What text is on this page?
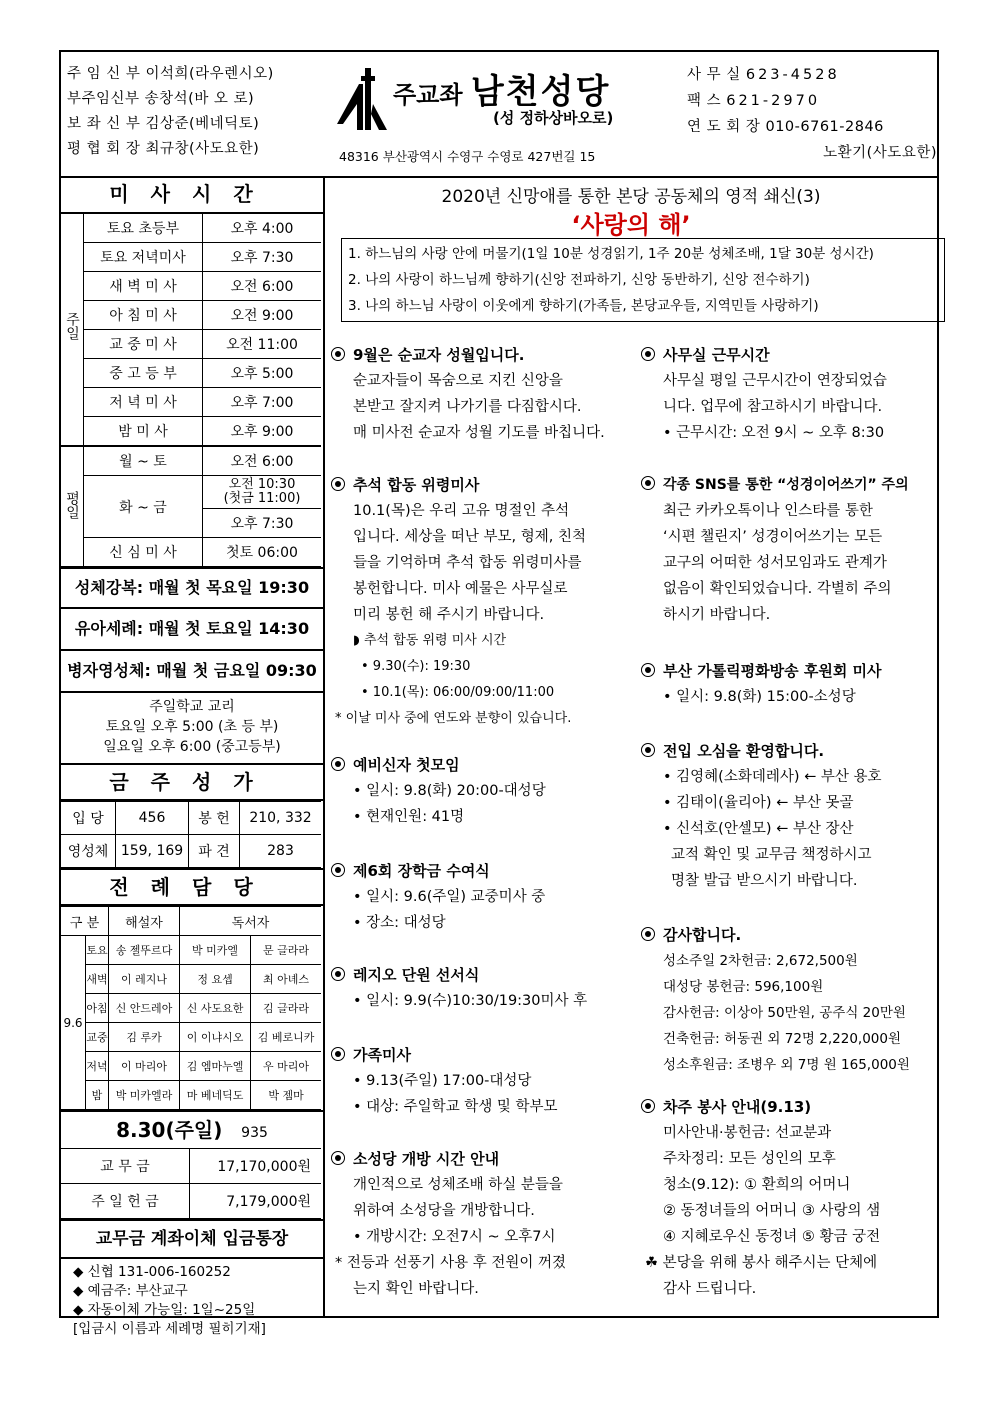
주 임 신 부 이석희(라우렌시오)
부주임신부 송창석(바 오 로)
보 좌 신 부 김상준(베네딕토)
평 협 회 장 최규창(사도요한)
주교좌 남천성당
(성 정하상바오로)
48316 부산광역시 수영구 수영로 427번길 15
사 무 실 623-4528
팩 스 621-2970
연 도 회 장 010-6761-2846
노환기(사도요한)
미사시간
주일	토요 초등부	오후 4:00
	토요 저녁미사	오후 7:30
	새 벽 미 사	오전 6:00
	아 침 미 사	오전 9:00
	교 중 미 사	오전 11:00
	중 고 등 부	오후 5:00
	저 녁 미 사	오후 7:00
	밤 미 사	오후 9:00
평일	월 ~ 토	오전 6:00
	화 ~ 금	오전 10:30
(첫금 11:00)

		오후 7:30
	신 심 미 사	첫토 06:00
성체강복: 매월 첫 목요일 19:30
유아세례: 매월 첫 토요일 14:30
병자영성체: 매월 첫 금요일 09:30
주일학교 교리
토요일 오후 5:00 (초 등 부)
일요일 오후 6:00 (중고등부)
금주성가
입 당	456	봉 헌	210, 332
영성체	159, 169	파 견	283
전례담당
구 분		해설자	독서자	
9.6	토요	송 젤뚜르다	박 미카엘	문 글라라
	새벽	이 레지나	정 요셉	최 아녜스
	아침	신 안드레아	신 사도요한	김 글라라
	교중	김 루카	이 이냐시오	김 베로니카
	저녁	이 마리아	김 엠마누엘	우 마리아
	밤	박 미카엘라	마 베네딕도	박 젬마
8.30(주일) 935
교 무 금	17,170,000원
주 일 헌 금	7,179,000원
교무금 계좌이체 입금통장
◆ 신협 131-006-160252
◆ 예금주: 부산교구
◆ 자동이체 가능일: 1일~25일
[입금시 이름과 세례명 필히기재]
2020년 신망애를 통한 본당 공동체의 영적 쇄신(3)
‘사랑의 해’
1. 하느님의 사랑 안에 머물기(1일 10분 성경읽기, 1주 20분 성체조배, 1달 30분 성시간)
2. 나의 사랑이 하느님께 향하기(신앙 전파하기, 신앙 동반하기, 신앙 전수하기)
3. 나의 하느님 사랑이 이웃에게 향하기(가족들, 본당교우들, 지역민들 사랑하기)
9월은 순교자 성월입니다.
순교자들이 목숨으로 지킨 신앙을
본받고 잘지켜 나가기를 다짐합시다.
매 미사전 순교자 성월 기도를 바칩니다.
추석 합동 위령미사
10.1(목)은 우리 고유 명절인 추석
입니다. 세상을 떠난 부모, 형제, 친척
들을 기억하며 추석 합동 위령미사를
봉헌합니다. 미사 예물은 사무실로
미리 봉헌 해 주시기 바랍니다.
◗ 추석 합동 위령 미사 시간
• 9.30(수): 19:30
• 10.1(목): 06:00/09:00/11:00
* 이날 미사 중에 연도와 분향이 있습니다.
예비신자 첫모임
• 일시: 9.8(화) 20:00-대성당
• 현재인원: 41명
제6회 장학금 수여식
• 일시: 9.6(주일) 교중미사 중
• 장소: 대성당
레지오 단원 선서식
• 일시: 9.9(수)10:30/19:30미사 후
가족미사
• 9.13(주일) 17:00-대성당
• 대상: 주일학교 학생 및 학부모
소성당 개방 시간 안내
개인적으로 성체조배 하실 분들을
위하여 소성당을 개방합니다.
• 개방시간: 오전7시 ~ 오후7시
* 전등과 선풍기 사용 후 전원이 꺼졌
는지 확인 바랍니다.
사무실 근무시간
사무실 평일 근무시간이 연장되었습
니다. 업무에 참고하시기 바랍니다.
• 근무시간: 오전 9시 ~ 오후 8:30
각종 SNS를 통한 “성경이어쓰기” 주의
최근 카카오톡이나 인스타를 통한
‘시편 챌린지’ 성경이어쓰기는 모든
교구의 어떠한 성서모임과도 관계가
없음이 확인되었습니다. 각별히 주의
하시기 바랍니다.
부산 가톨릭평화방송 후원회 미사
• 일시: 9.8(화) 15:00-소성당
전입 오심을 환영합니다.
• 김영혜(소화데레사) ← 부산 용호
• 김태이(율리아) ← 부산 못골
• 신석호(안셀모) ← 부산 장산
교적 확인 및 교무금 책정하시고
명찰 발급 받으시기 바랍니다.
감사합니다.
성소주일 2차헌금: 2,672,500원
대성당 봉헌금: 596,100원
감사헌금: 이상아 50만원, 공주식 20만원
건축헌금: 허동권 외 72명 2,220,000원
성소후원금: 조병우 외 7명 원 165,000원
차주 봉사 안내(9.13)
미사안내·봉헌금: 선교분과
주차정리: 모든 성인의 모후
청소(9.12): ① 환희의 어머니
② 동정녀들의 어머니 ③ 사랑의 샘
④ 지혜로우신 동정녀 ⑤ 황금 궁전
☘ 본당을 위해 봉사 해주시는 단체에
감사 드립니다.
